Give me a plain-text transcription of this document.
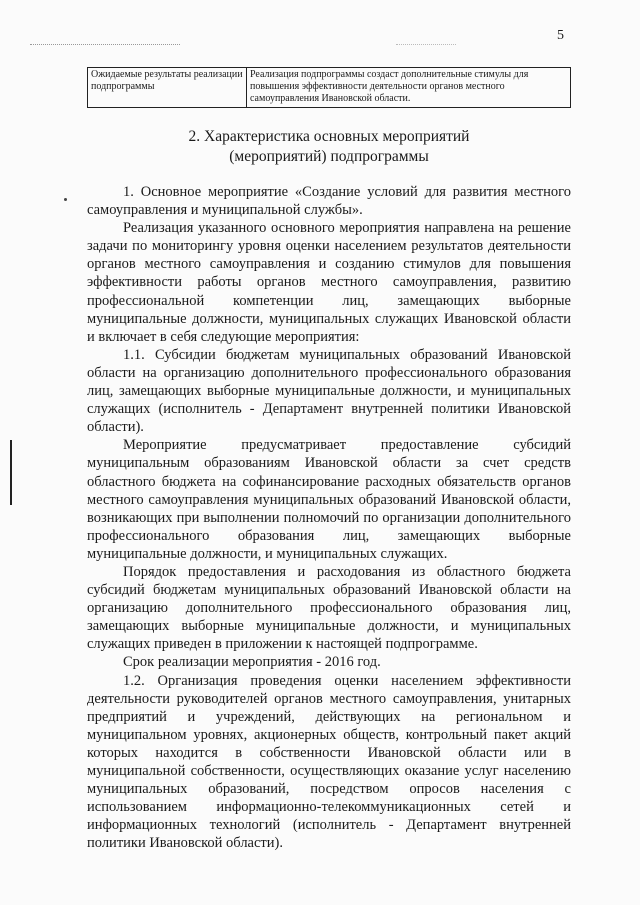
5
Ожидаемые результаты реализации подпрограммы	Реализация подпрограммы создаст дополнительные стимулы для повышения эффективности деятельности органов местного самоуправления Ивановской области.
2. Характеристика основных мероприятий
(мероприятий) подпрограммы

1. Основное мероприятие «Создание условий для развития местного самоуправления и муниципальной службы».

Реализация указанного основного мероприятия направлена на решение задачи по мониторингу уровня оценки населением результатов деятельности органов местного самоуправления и созданию стимулов для повышения эффективности работы органов местного самоуправления, развитию профессиональной компетенции лиц, замещающих выборные муниципальные должности, муниципальных служащих Ивановской области и включает в себя следующие мероприятия:

1.1. Субсидии бюджетам муниципальных образований Ивановской области на организацию дополнительного профессионального образования лиц, замещающих выборные муниципальные должности, и муниципальных служащих (исполнитель - Департамент внутренней политики Ивановской области).

Мероприятие предусматривает предоставление субсидий муниципальным образованиям Ивановской области за счет средств областного бюджета на софинансирование расходных обязательств органов местного самоуправления муниципальных образований Ивановской области, возникающих при выполнении полномочий по организации дополнительного профессионального образования лиц, замещающих выборные муниципальные должности, и муниципальных служащих.

Порядок предоставления и расходования из областного бюджета субсидий бюджетам муниципальных образований Ивановской области на организацию дополнительного профессионального образования лиц, замещающих выборные муниципальные должности, и муниципальных служащих приведен в приложении к настоящей подпрограмме.

Срок реализации мероприятия - 2016 год.

1.2. Организация проведения оценки населением эффективности деятельности руководителей органов местного самоуправления, унитарных предприятий и учреждений, действующих на региональном и муниципальном уровнях, акционерных обществ, контрольный пакет акций которых находится в собственности Ивановской области или в муниципальной собственности, осуществляющих оказание услуг населению муниципальных образований, посредством опросов населения с использованием информационно-телекоммуникационных сетей и информационных технологий (исполнитель - Департамент внутренней политики Ивановской области).
